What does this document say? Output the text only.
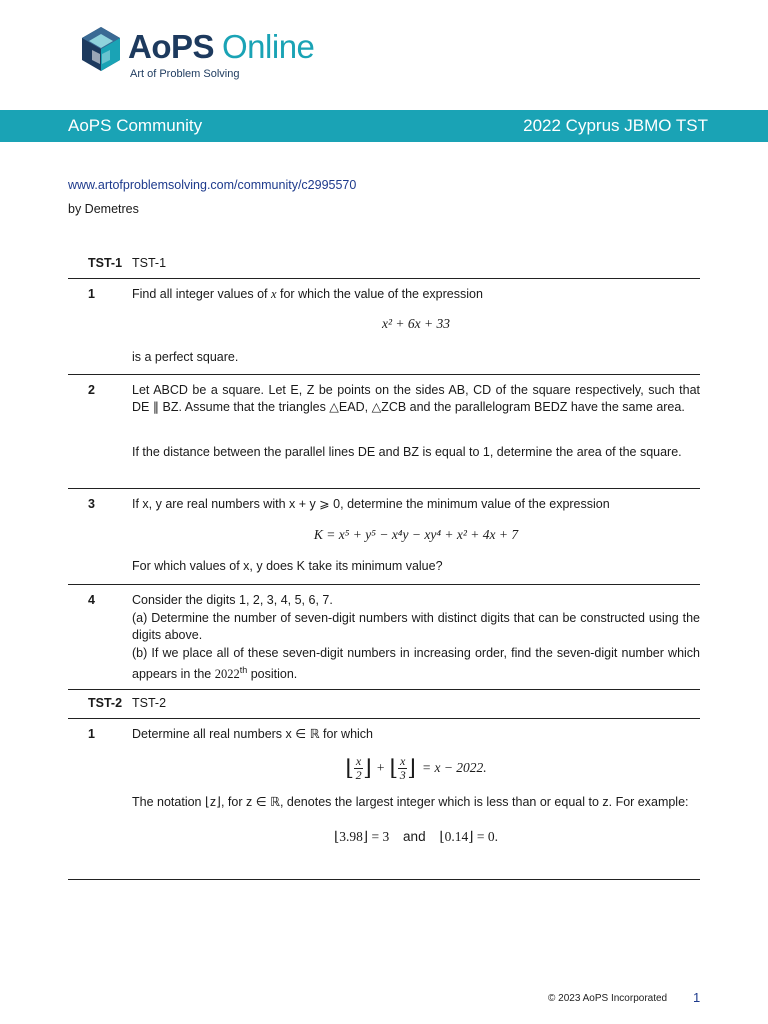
AoPS Online
Art of Problem Solving
AoPS Community	2022 Cyprus JBMO TST
www.artofproblemsolving.com/community/c2995570
by Demetres
TST-1 TST-1
1	Find all integer values of x for which the value of the expression
x² + 6x + 33
is a perfect square.
2	Let ABCD be a square. Let E, Z be points on the sides AB, CD of the square respectively, such that DE ∥ BZ. Assume that the triangles △EAD, △ZCB and the parallelogram BEDZ have the same area.
If the distance between the parallel lines DE and BZ is equal to 1, determine the area of the square.
3	If x, y are real numbers with x + y ⩾ 0, determine the minimum value of the expression
K = x⁵ + y⁵ − x⁴y − xy⁴ + x² + 4x + 7
For which values of x, y does K take its minimum value?
4	Consider the digits 1, 2, 3, 4, 5, 6, 7.
(a) Determine the number of seven-digit numbers with distinct digits that can be constructed using the digits above.
(b) If we place all of these seven-digit numbers in increasing order, find the seven-digit number which appears in the 2022th position.
TST-2 TST-2
1	Determine all real numbers x ∈ ℝ for which
⌊ $\frac{x}{2}$ ⌋ + ⌊ $\frac{x}{3}$ ⌋ = x − 2022.
The notation ⌊z⌋, for z ∈ ℝ, denotes the largest integer which is less than or equal to z. For example:
⌊3.98⌋ = 3 and ⌊0.14⌋ = 0.
© 2023 AoPS Incorporated 1
